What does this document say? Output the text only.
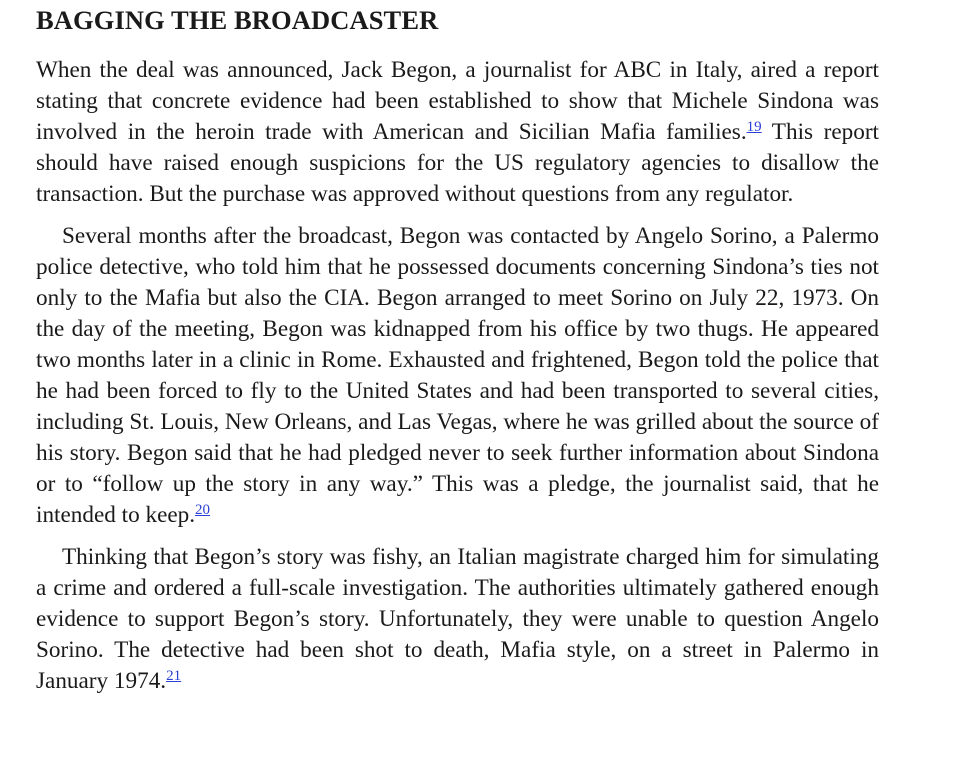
BAGGING THE BROADCASTER

When the deal was announced, Jack Begon, a journalist for ABC in Italy, aired a report stating that concrete evidence had been established to show that Michele Sindona was involved in the heroin trade with American and Sicilian Mafia families.$^{19}$ This report should have raised enough suspicions for the US regulatory agencies to disallow the transaction. But the purchase was approved without questions from any regulator.

Several months after the broadcast, Begon was contacted by Angelo Sorino, a Palermo police detective, who told him that he possessed documents concerning Sindona’s ties not only to the Mafia but also the CIA. Begon arranged to meet Sorino on July 22, 1973. On the day of the meeting, Begon was kidnapped from his office by two thugs. He appeared two months later in a clinic in Rome. Exhausted and frightened, Begon told the police that he had been forced to fly to the United States and had been transported to several cities, including St. Louis, New Orleans, and Las Vegas, where he was grilled about the source of his story. Begon said that he had pledged never to seek further information about Sindona or to “follow up the story in any way.” This was a pledge, the journalist said, that he intended to keep.$^{20}$

Thinking that Begon’s story was fishy, an Italian magistrate charged him for simulating a crime and ordered a full-scale investigation. The authorities ultimately gathered enough evidence to support Begon’s story. Unfortunately, they were unable to question Angelo Sorino. The detective had been shot to death, Mafia style, on a street in Palermo in January 1974.21
